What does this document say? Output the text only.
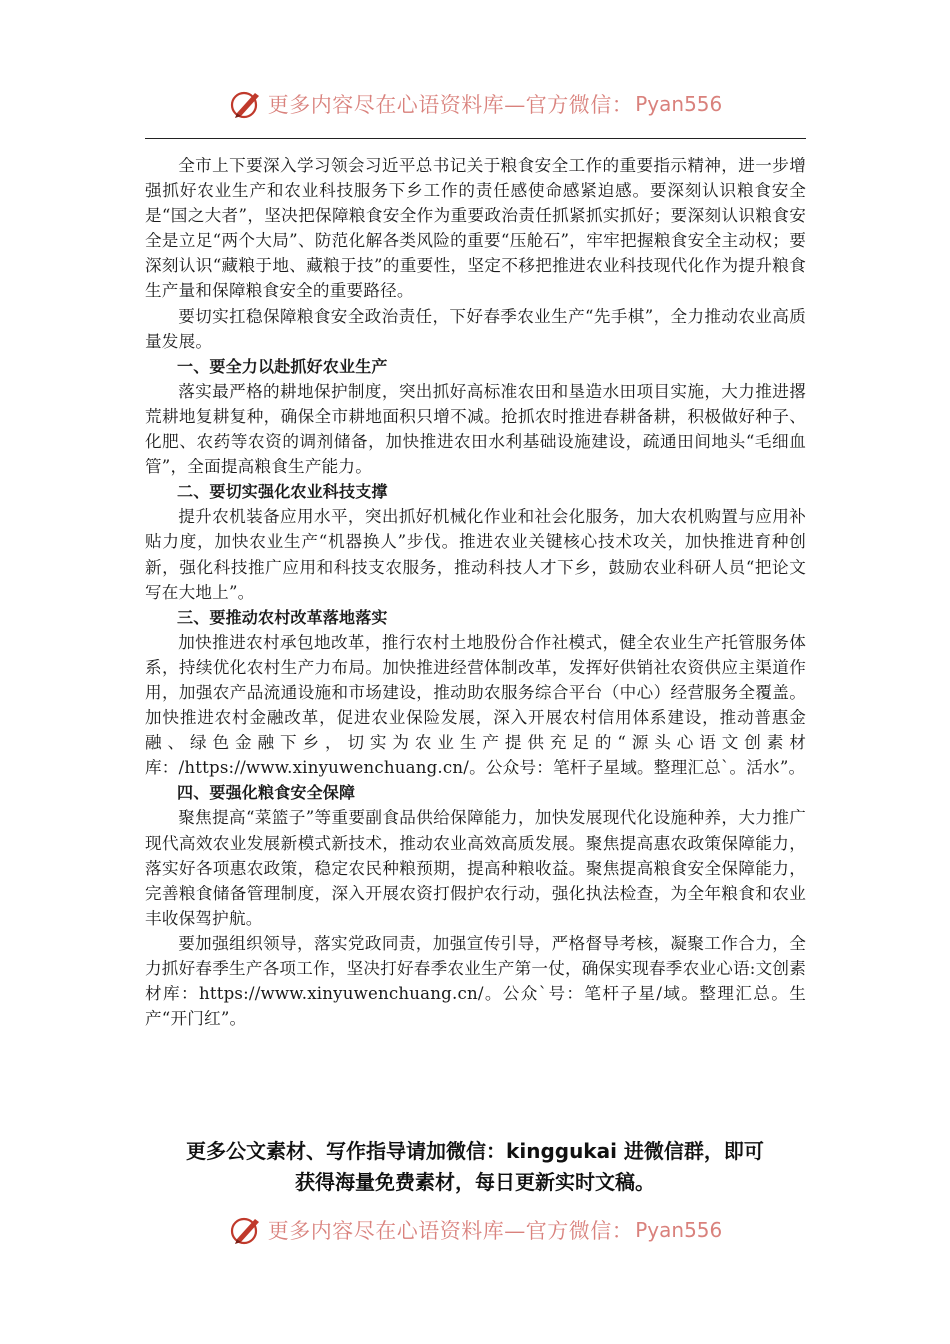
更多内容尽在心语资料库—官方微信： Pyan556

全市上下要深入学习领会习近平总书记关于粮食安全工作的重要指示精神，进一步增强抓好农业生产和农业科技服务下乡工作的责任感使命感紧迫感。要深刻认识粮食安全是“国之大者”，坚决把保障粮食安全作为重要政治责任抓紧抓实抓好；要深刻认识粮食安全是立足“两个大局”、防范化解各类风险的重要“压舱石”，牢牢把握粮食安全主动权；要深刻认识“藏粮于地、藏粮于技”的重要性，坚定不移把推进农业科技现代化作为提升粮食生产量和保障粮食安全的重要路径。

要切实扛稳保障粮食安全政治责任，下好春季农业生产“先手棋”，全力推动农业高质量发展。

一、要全力以赴抓好农业生产

落实最严格的耕地保护制度，突出抓好高标准农田和垦造水田项目实施，大力推进撂荒耕地复耕复种，确保全市耕地面积只增不减。抢抓农时推进春耕备耕，积极做好种子、化肥、农药等农资的调剂储备，加快推进农田水利基础设施建设，疏通田间地头“毛细血管”，全面提高粮食生产能力。

二、要切实强化农业科技支撑

提升农机装备应用水平，突出抓好机械化作业和社会化服务，加大农机购置与应用补贴力度，加快农业生产“机器换人”步伐。推进农业关键核心技术攻关，加快推进育种创新，强化科技推广应用和科技支农服务，推动科技人才下乡，鼓励农业科研人员“把论文写在大地上”。

三、要推动农村改革落地落实

加快推进农村承包地改革，推行农村土地股份合作社模式，健全农业生产托管服务体系，持续优化农村生产力布局。加快推进经营体制改革，发挥好供销社农资供应主渠道作用，加强农产品流通设施和市场建设，推动助农服务综合平台（中心）经营服务全覆盖。加快推进农村金融改革，促进农业保险发展，深入开展农村信用体系建设，推动普惠金融、绿色金融下乡，切实为农业生产提供充足的“源头心语文创素材库：/https://www.xinyuwenchuang.cn/。公众号：笔杆子星域。整理汇总`。活水”。

四、要强化粮食安全保障

聚焦提高“菜篮子”等重要副食品供给保障能力，加快发展现代化设施种养，大力推广现代高效农业发展新模式新技术，推动农业高效高质发展。聚焦提高惠农政策保障能力，落实好各项惠农政策，稳定农民种粮预期，提高种粮收益。聚焦提高粮食安全保障能力，完善粮食储备管理制度，深入开展农资打假护农行动，强化执法检查，为全年粮食和农业丰收保驾护航。

要加强组织领导，落实党政同责，加强宣传引导，严格督导考核，凝聚工作合力，全力抓好春季生产各项工作，坚决打好春季农业生产第一仗，确保实现春季农业心语:文创素材库：https://www.xinyuwenchuang.cn/。公众`号：笔杆子星/域。整理汇总。生产“开门红”。

更多公文素材、写作指导请加微信：kinggukai 进微信群，即可
获得海量免费素材，每日更新实时文稿。
更多内容尽在心语资料库—官方微信： Pyan556
